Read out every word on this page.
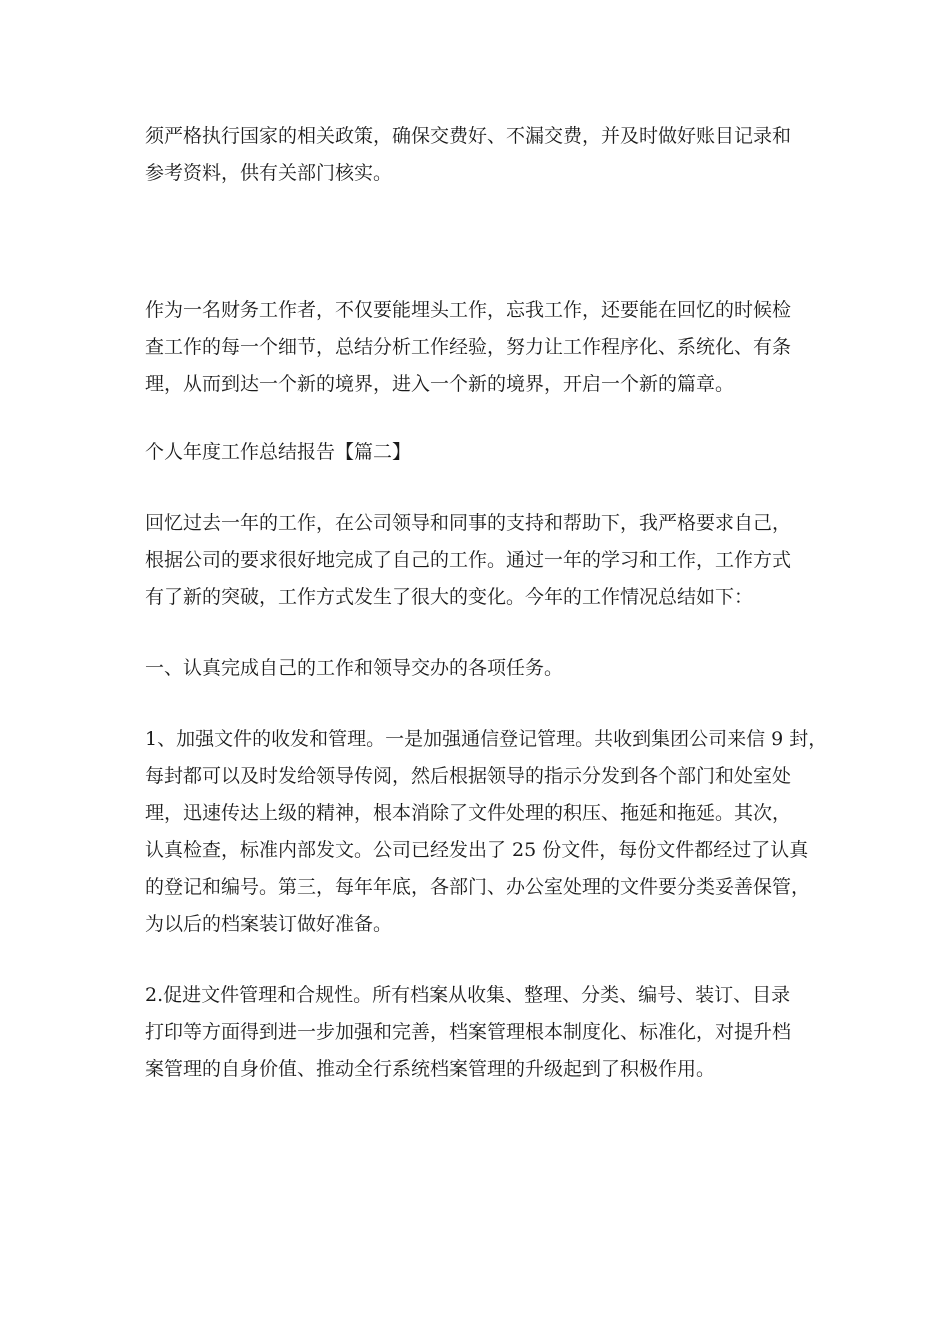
须严格执行国家的相关政策，确保交费好、不漏交费，并及时做好账目记录和
参考资料，供有关部门核实。
作为一名财务工作者，不仅要能埋头工作，忘我工作，还要能在回忆的时候检
查工作的每一个细节，总结分析工作经验，努力让工作程序化、系统化、有条
理，从而到达一个新的境界，进入一个新的境界，开启一个新的篇章。
个人年度工作总结报告【篇二】
回忆过去一年的工作，在公司领导和同事的支持和帮助下，我严格要求自己，
根据公司的要求很好地完成了自己的工作。通过一年的学习和工作，工作方式
有了新的突破，工作方式发生了很大的变化。今年的工作情况总结如下：
一、认真完成自己的工作和领导交办的各项任务。
1、加强文件的收发和管理。一是加强通信登记管理。共收到集团公司来信 9 封，
每封都可以及时发给领导传阅，然后根据领导的指示分发到各个部门和处室处
理，迅速传达上级的精神，根本消除了文件处理的积压、拖延和拖延。其次，
认真检查，标准内部发文。公司已经发出了 25 份文件，每份文件都经过了认真
的登记和编号。第三，每年年底，各部门、办公室处理的文件要分类妥善保管，
为以后的档案装订做好准备。
2.促进文件管理和合规性。所有档案从收集、整理、分类、编号、装订、目录
打印等方面得到进一步加强和完善，档案管理根本制度化、标准化，对提升档
案管理的自身价值、推动全行系统档案管理的升级起到了积极作用。
